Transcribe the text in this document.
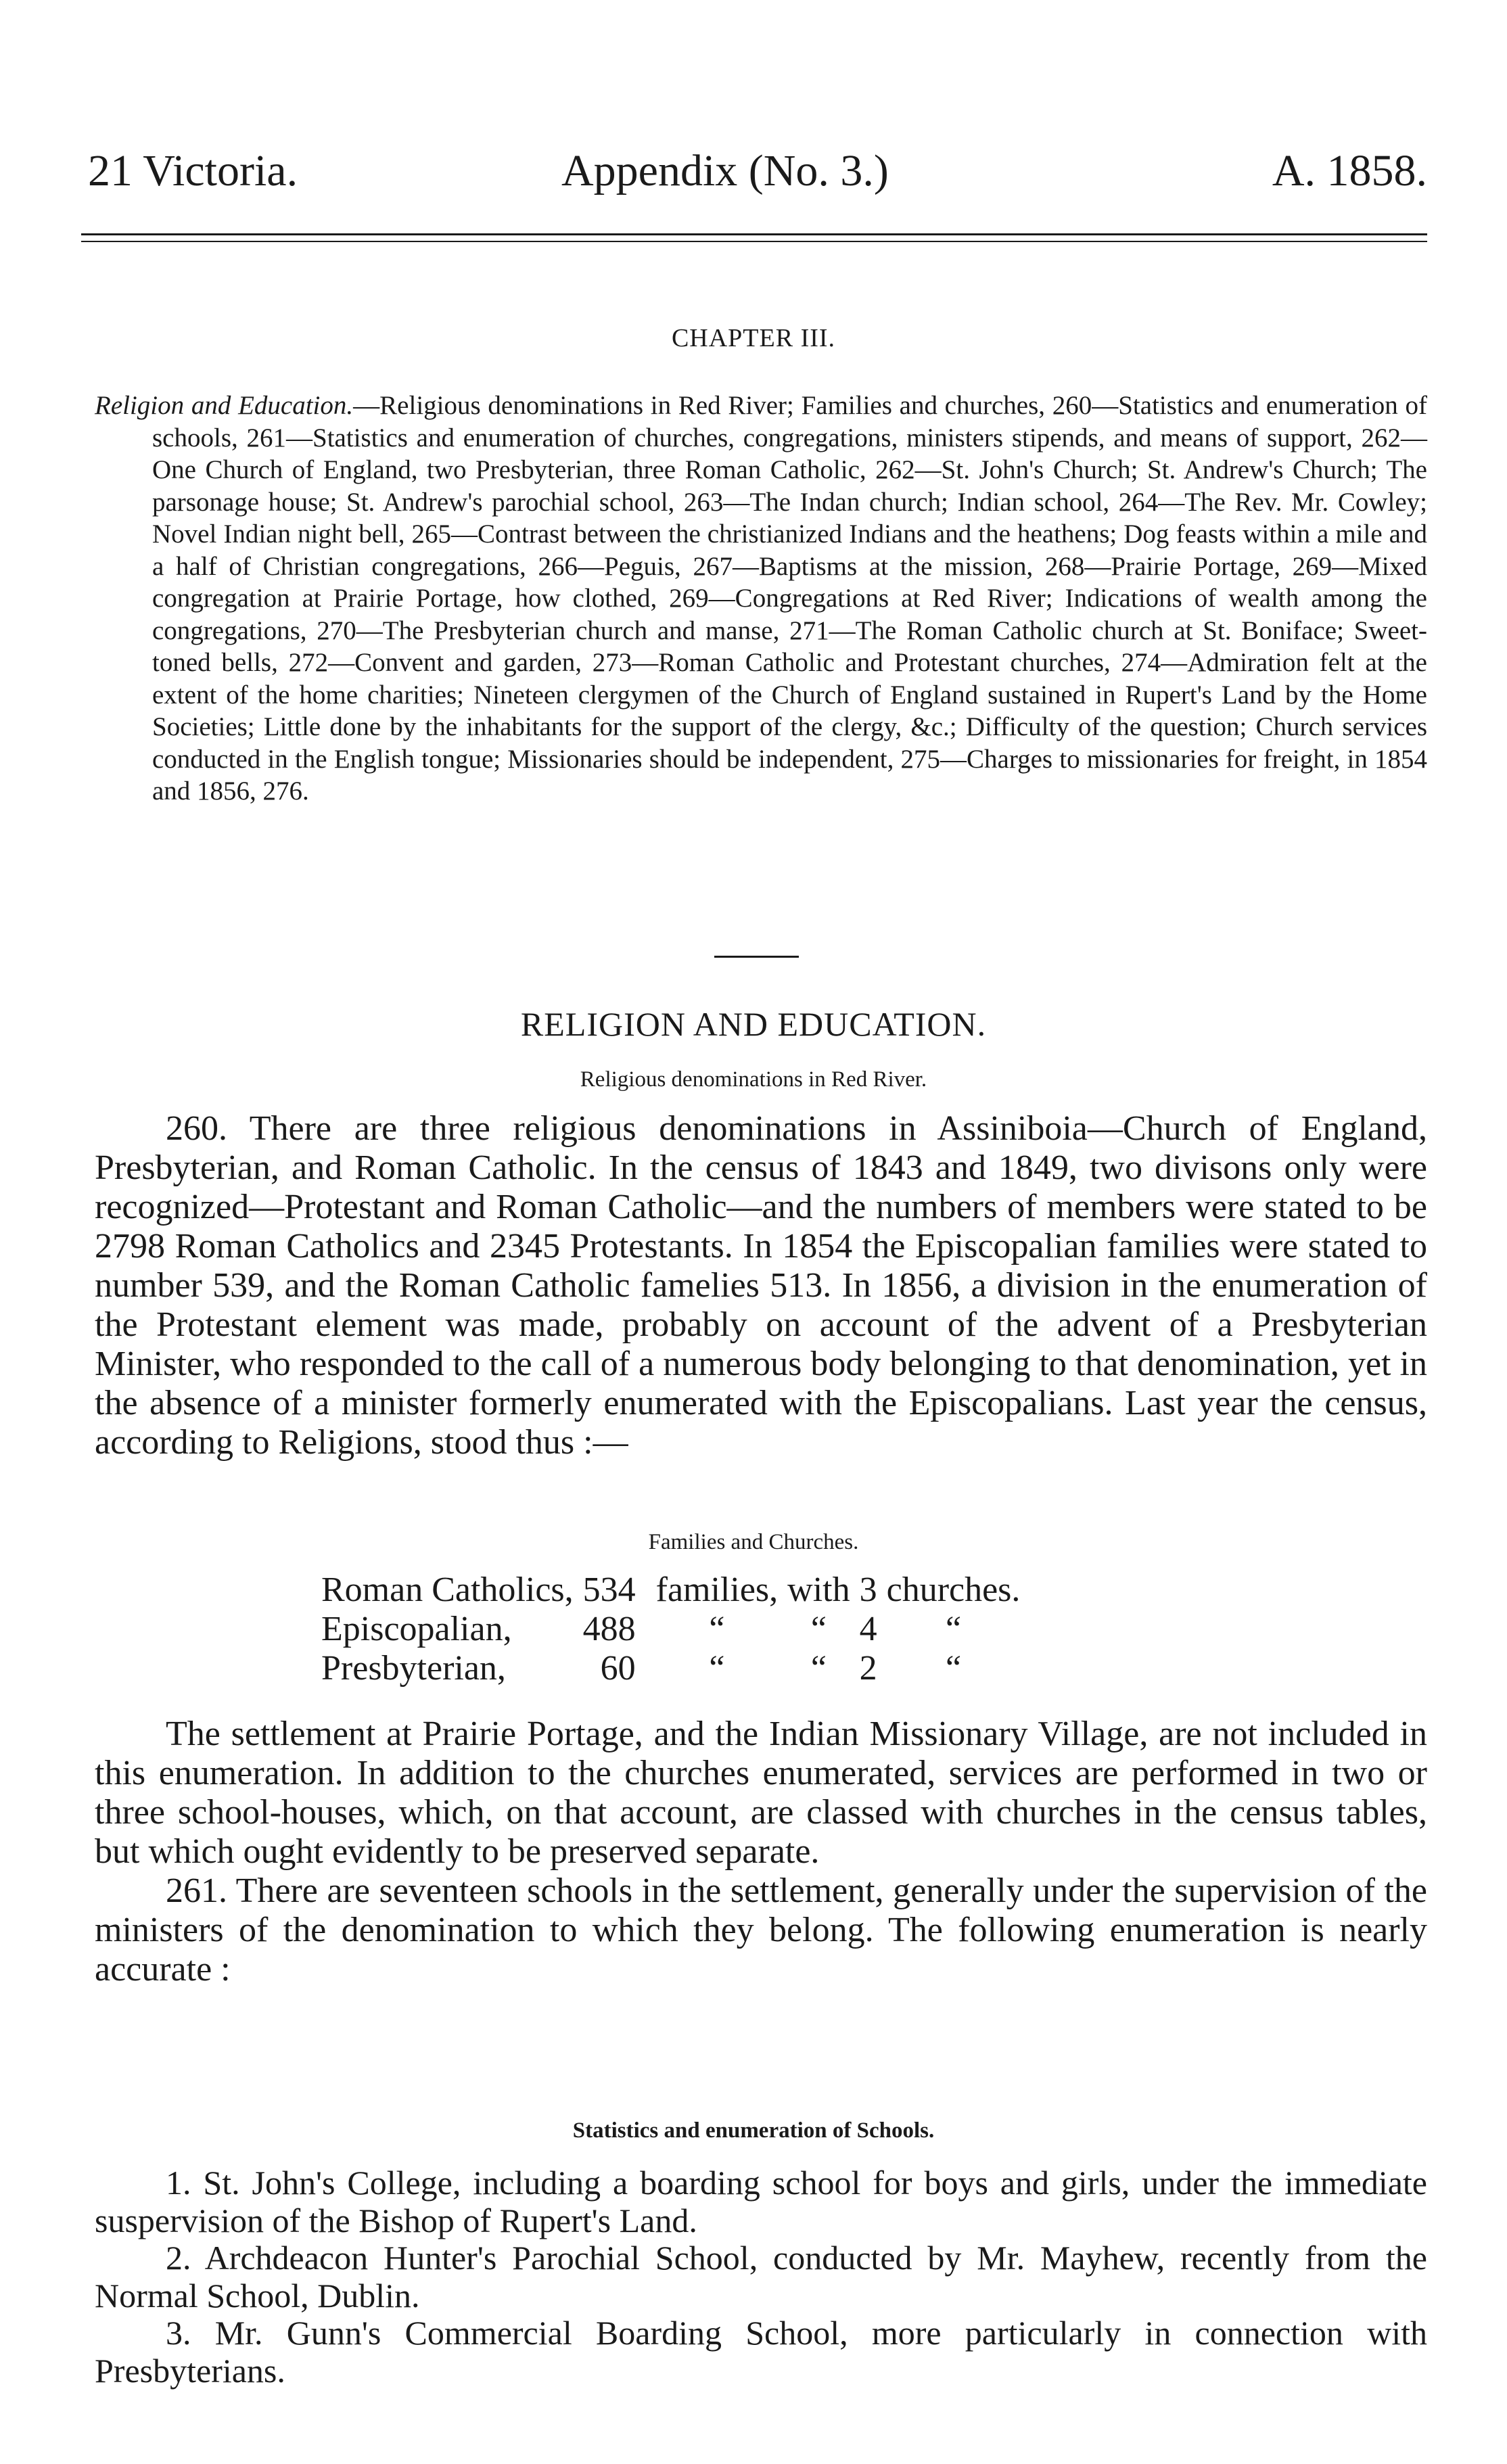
21 Victoria.	Appendix (No. 3.)	A. 1858.
CHAPTER III.
Religion and Education.—Religious denominations in Red River; Families and churches, 260—Statistics and enumeration of schools, 261—Statistics and enumeration of churches, congregations, ministers stipends, and means of support, 262—One Church of England, two Presbyterian, three Roman Catholic, 262—St. John's Church; St. Andrew's Church; The parsonage house; St. Andrew's parochial school, 263—The Indan church; Indian school, 264—The Rev. Mr. Cowley; Novel Indian night bell, 265—Contrast between the christianized Indians and the heathens; Dog feasts within a mile and a half of Christian congregations, 266—Peguis, 267—Baptisms at the mission, 268—Prairie Portage, 269—Mixed congregation at Prairie Portage, how clothed, 269—Congregations at Red River; Indications of wealth among the congregations, 270—The Presbyterian church and manse, 271—The Roman Catholic church at St. Boniface; Sweet-toned bells, 272—Convent and garden, 273—Roman Catholic and Protestant churches, 274—Admiration felt at the extent of the home charities; Nineteen clergymen of the Church of England sustained in Rupert's Land by the Home Societies; Little done by the inhabitants for the support of the clergy, &c.; Difficulty of the question; Church services conducted in the English tongue; Missionaries should be independent, 275—Charges to missionaries for freight, in 1854 and 1856, 276.
RELIGION AND EDUCATION.
Religious denominations in Red River.

260. There are three religious denominations in Assiniboia—Church of England, Presbyterian, and Roman Catholic. In the census of 1843 and 1849, two divisons only were recognized—Protestant and Roman Catholic—and the numbers of members were stated to be 2798 Roman Catholics and 2345 Protestants. In 1854 the Episcopalian families were stated to number 539, and the Roman Catholic famelies 513. In 1856, a division in the enumeration of the Protestant element was made, probably on account of the advent of a Presbyterian Minister, who responded to the call of a numerous body belonging to that denomination, yet in the absence of a minister formerly enumerated with the Episcopalians. Last year the census, according to Religions, stood thus :—

Families and Churches.
Roman Catholics,	534	families,	with	3	churches.
Episcopalian,	488	“	“	4	“
Presbyterian,	60	“	“	2	“

The settlement at Prairie Portage, and the Indian Missionary Village, are not included in this enumeration. In addition to the churches enumerated, services are performed in two or three school-houses, which, on that account, are classed with churches in the census tables, but which ought evidently to be preserved separate.

261. There are seventeen schools in the settlement, generally under the supervision of the ministers of the denomination to which they belong. The following enumeration is nearly accurate :

Statistics and enumeration of Schools.

1. St. John's College, including a boarding school for boys and girls, under the immediate suspervision of the Bishop of Rupert's Land.

2. Archdeacon Hunter's Parochial School, conducted by Mr. Mayhew, recently from the Normal School, Dublin.

3. Mr. Gunn's Commercial Boarding School, more particularly in connection with Presbyterians.
